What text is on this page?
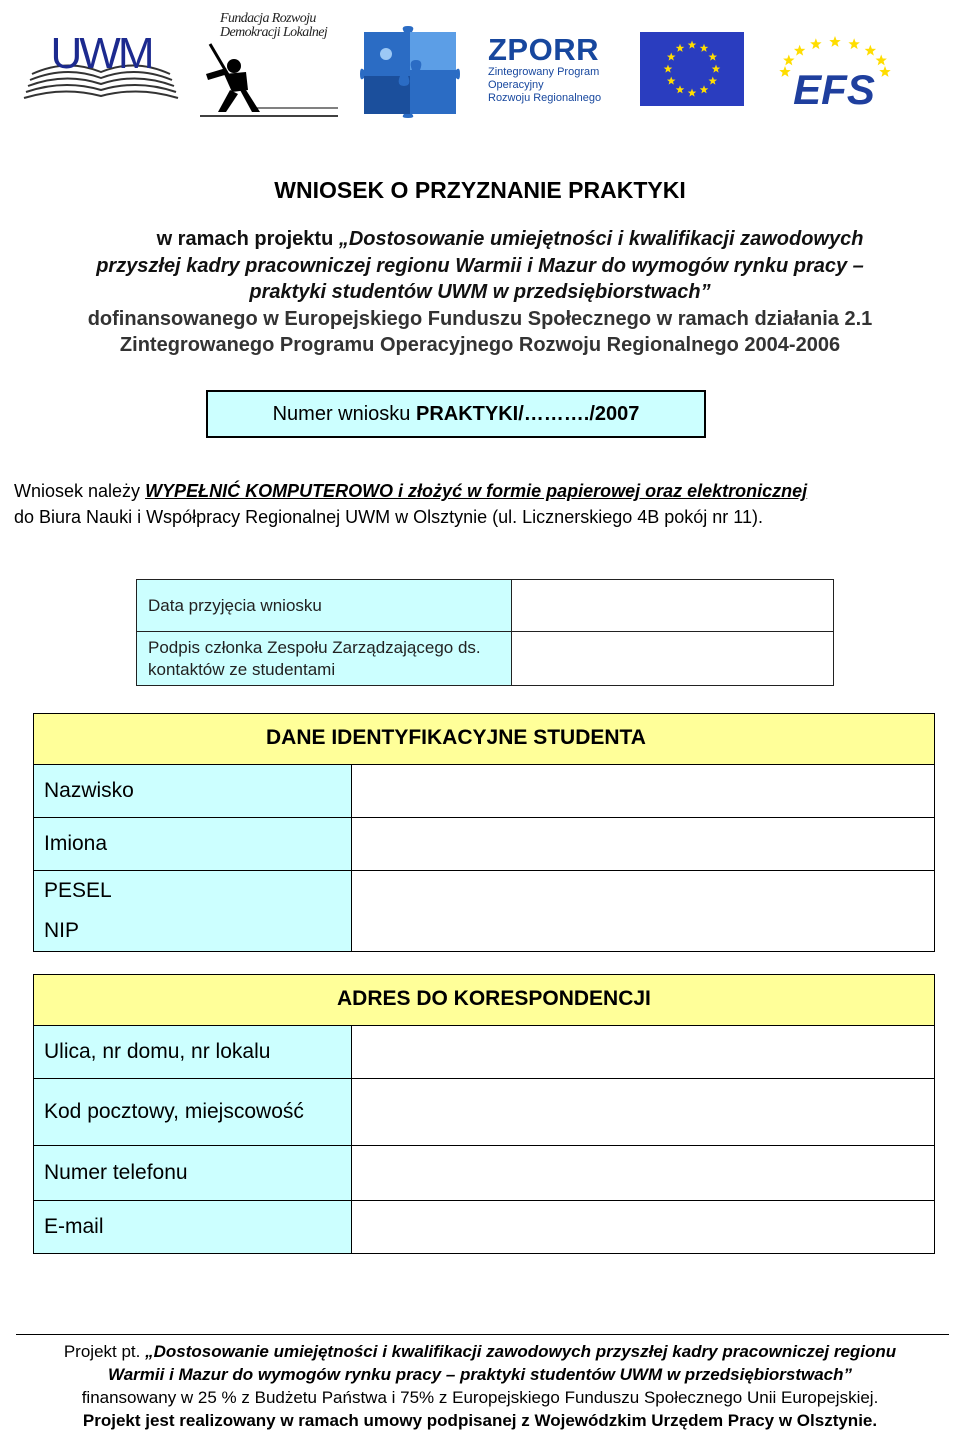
UWM
Fundacja Rozwoju
Demokracji Lokalnej	ZPORR
Zintegrowany Program
Operacyjny
Rozwoju Regionalnego	EFS
WNIOSEK O PRZYZNANIE PRAKTYKI
w ramach projektu „Dostosowanie umiejętności i kwalifikacji zawodowych
przyszłej kadry pracowniczej regionu Warmii i Mazur do wymogów rynku pracy –
praktyki studentów UWM w przedsiębiorstwach”
dofinansowanego w Europejskiego Funduszu Społecznego w ramach działania 2.1
Zintegrowanego Programu Operacyjnego Rozwoju Regionalnego 2004-2006
Numer wniosku PRAKTYKI/………./2007
Wniosek należy WYPEŁNIĆ KOMPUTEROWO i złożyć w formie papierowej oraz elektronicznej
do Biura Nauki i Współpracy Regionalnej UWM w Olsztynie (ul. Licznerskiego 4B pokój nr 11).
Data przyjęcia wniosku	
Podpis członka Zespołu Zarządzającego ds. kontaktów ze studentami	
DANE IDENTYFIKACYJNE STUDENTA
Nazwisko
Imiona
PESEL
NIP
ADRES DO KORESPONDENCJI
Ulica, nr domu, nr lokalu
Kod pocztowy, miejscowość
Numer telefonu
E-mail
Projekt pt. „Dostosowanie umiejętności i kwalifikacji zawodowych przyszłej kadry pracowniczej regionu
Warmii i Mazur do wymogów rynku pracy – praktyki studentów UWM w przedsiębiorstwach”
finansowany w 25 % z Budżetu Państwa i 75% z Europejskiego Funduszu Społecznego Unii Europejskiej.
Projekt jest realizowany w ramach umowy podpisanej z Wojewódzkim Urzędem Pracy w Olsztynie.
